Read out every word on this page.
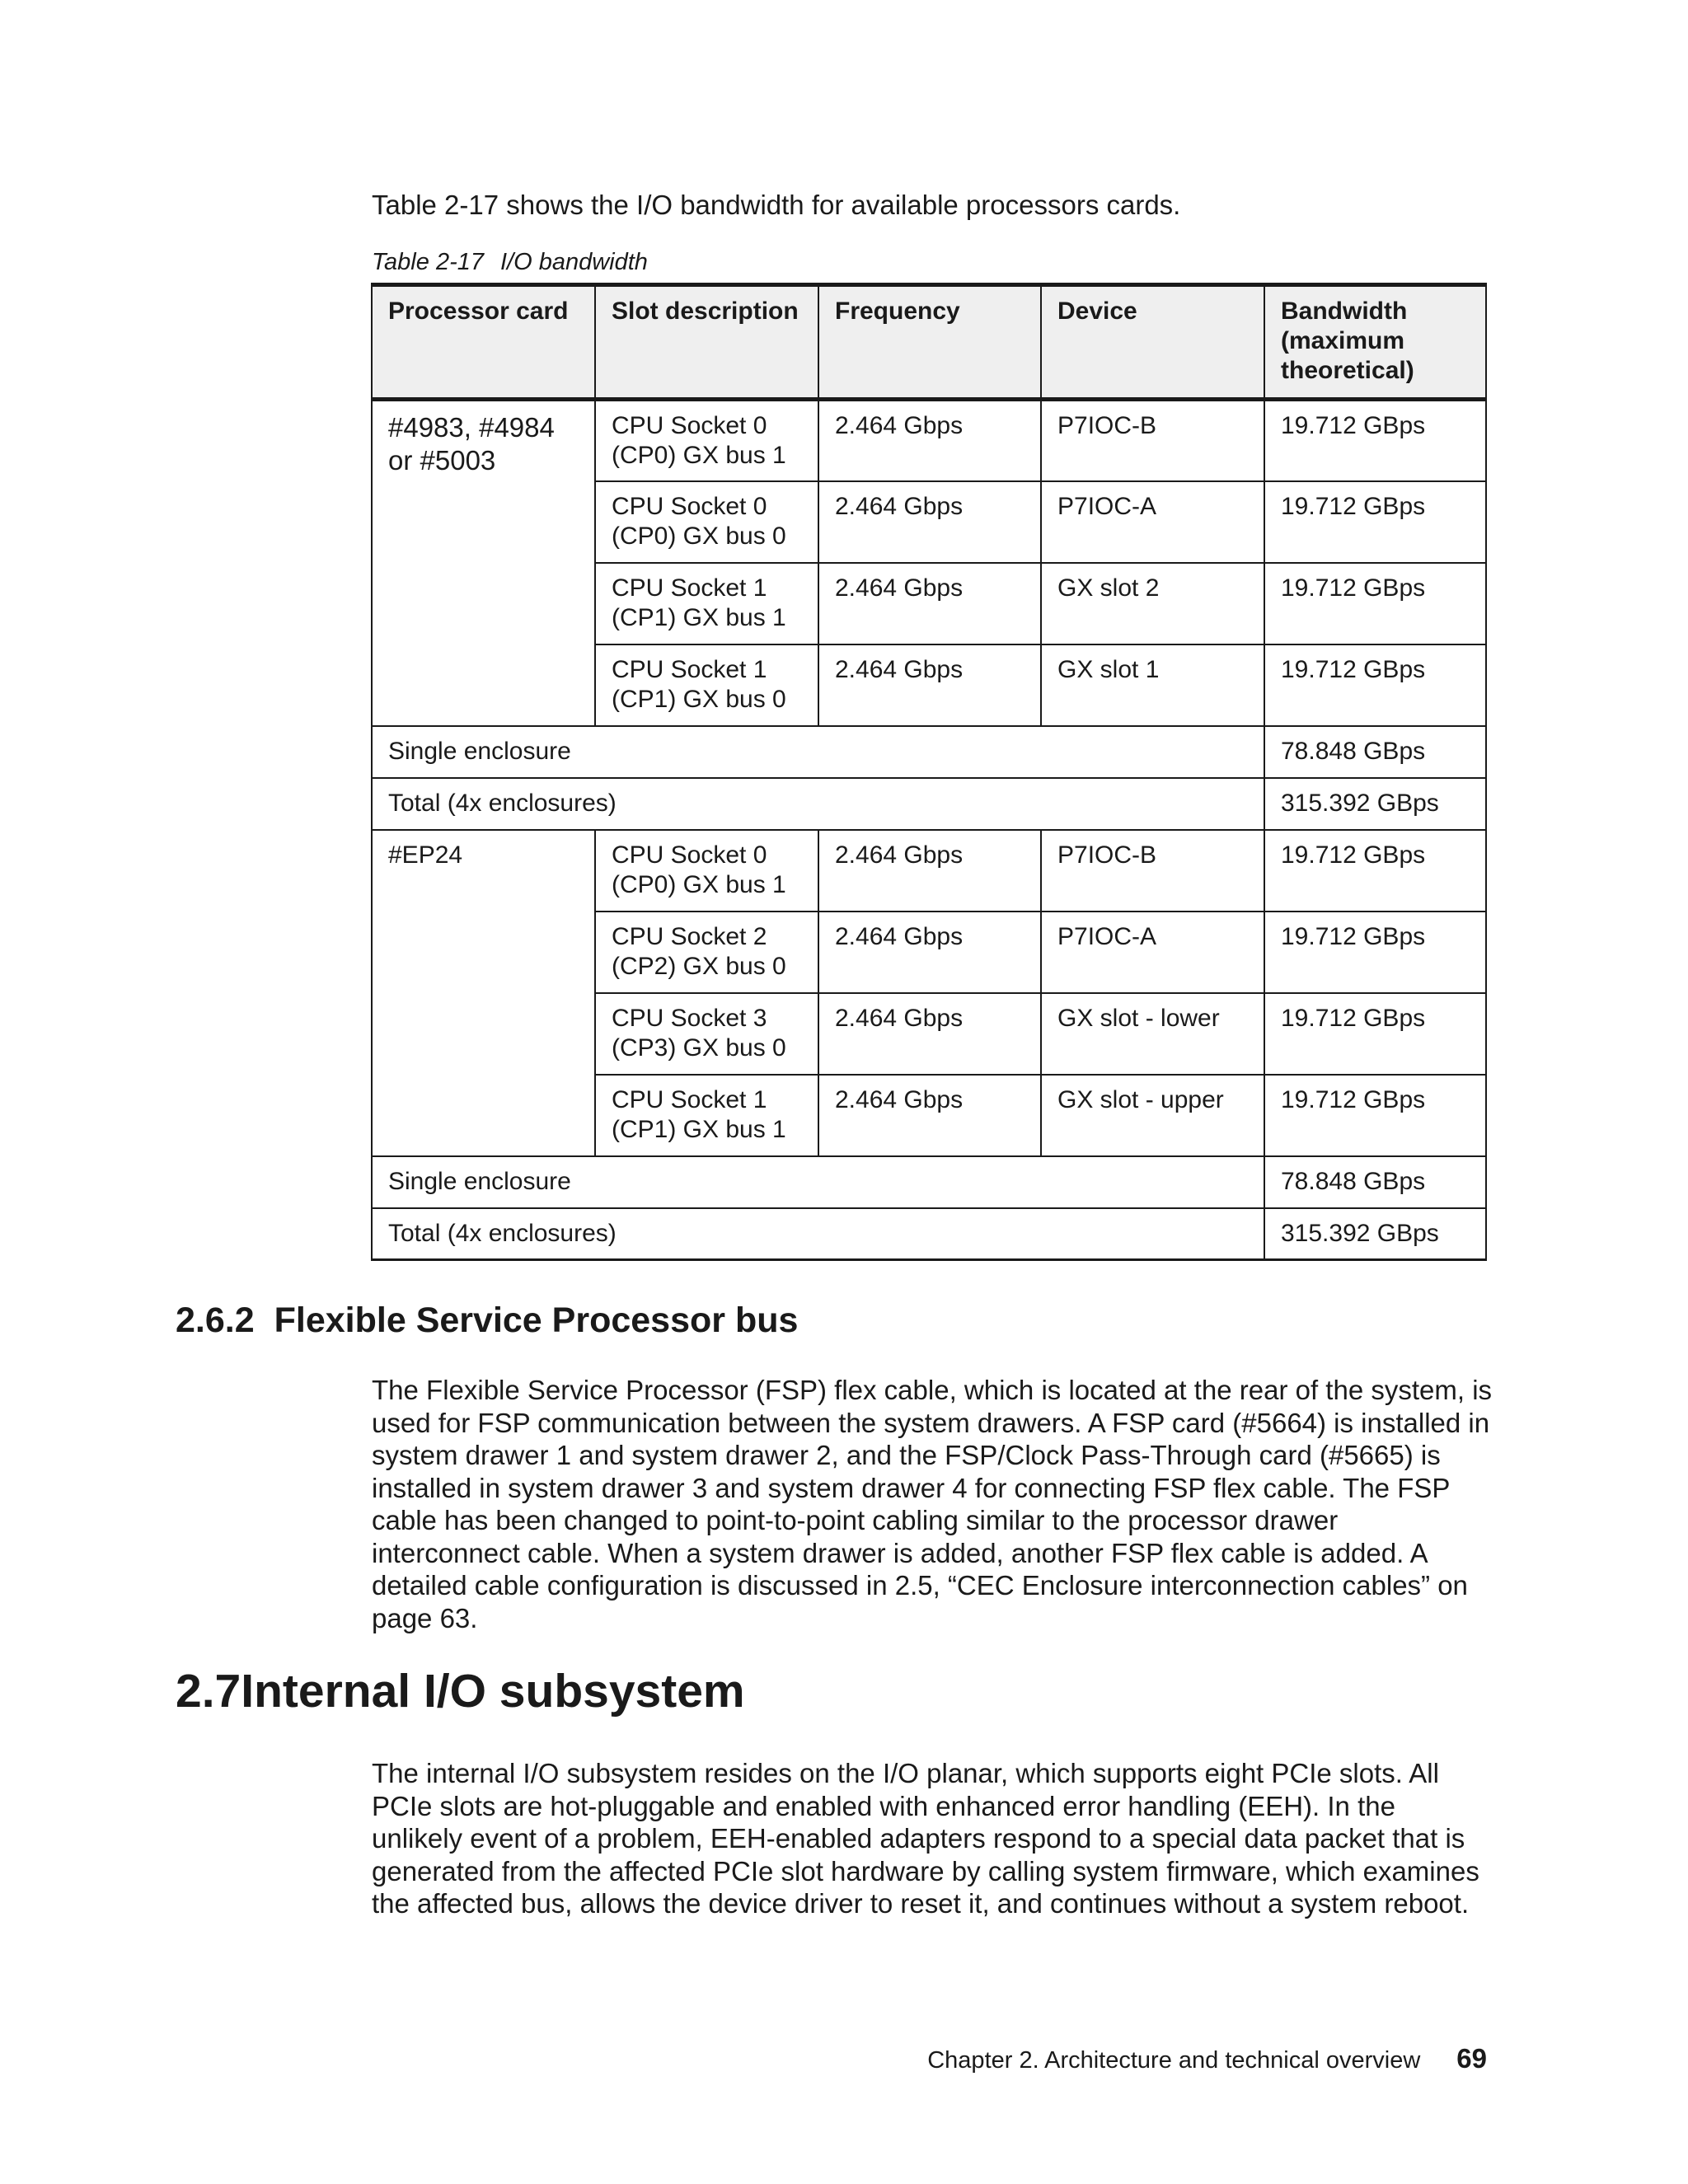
Table 2-17 shows the I/O bandwidth for available processors cards.

Table 2-17 I/O bandwidth

Processor card	Slot description	Frequency	Device	Bandwidth (maximum theoretical)
#4983, #4984 or #5003	CPU Socket 0 (CP0) GX bus 1	2.464 Gbps	P7IOC-B	19.712 GBps
	CPU Socket 0 (CP0) GX bus 0	2.464 Gbps	P7IOC-A	19.712 GBps
	CPU Socket 1 (CP1) GX bus 1	2.464 Gbps	GX slot 2	19.712 GBps
	CPU Socket 1 (CP1) GX bus 0	2.464 Gbps	GX slot 1	19.712 GBps
Single enclosure				78.848 GBps
Total (4x enclosures)				315.392 GBps
#EP24	CPU Socket 0 (CP0) GX bus 1	2.464 Gbps	P7IOC-B	19.712 GBps
	CPU Socket 2 (CP2) GX bus 0	2.464 Gbps	P7IOC-A	19.712 GBps
	CPU Socket 3 (CP3) GX bus 0	2.464 Gbps	GX slot - lower	19.712 GBps
	CPU Socket 1 (CP1) GX bus 1	2.464 Gbps	GX slot - upper	19.712 GBps
Single enclosure				78.848 GBps
Total (4x enclosures)				315.392 GBps
2.6.2 Flexible Service Processor bus

The Flexible Service Processor (FSP) flex cable, which is located at the rear of the system, is used for FSP communication between the system drawers. A FSP card (#5664) is installed in system drawer 1 and system drawer 2, and the FSP/Clock Pass-Through card (#5665) is installed in system drawer 3 and system drawer 4 for connecting FSP flex cable. The FSP cable has been changed to point-to-point cabling similar to the processor drawer interconnect cable. When a system drawer is added, another FSP flex cable is added. A detailed cable configuration is discussed in 2.5, “CEC Enclosure interconnection cables” on page 63.

2.7Internal I/O subsystem

The internal I/O subsystem resides on the I/O planar, which supports eight PCIe slots. All PCIe slots are hot-pluggable and enabled with enhanced error handling (EEH). In the unlikely event of a problem, EEH-enabled adapters respond to a special data packet that is generated from the affected PCIe slot hardware by calling system firmware, which examines the affected bus, allows the device driver to reset it, and continues without a system reboot.

Chapter 2. Architecture and technical overview 69
